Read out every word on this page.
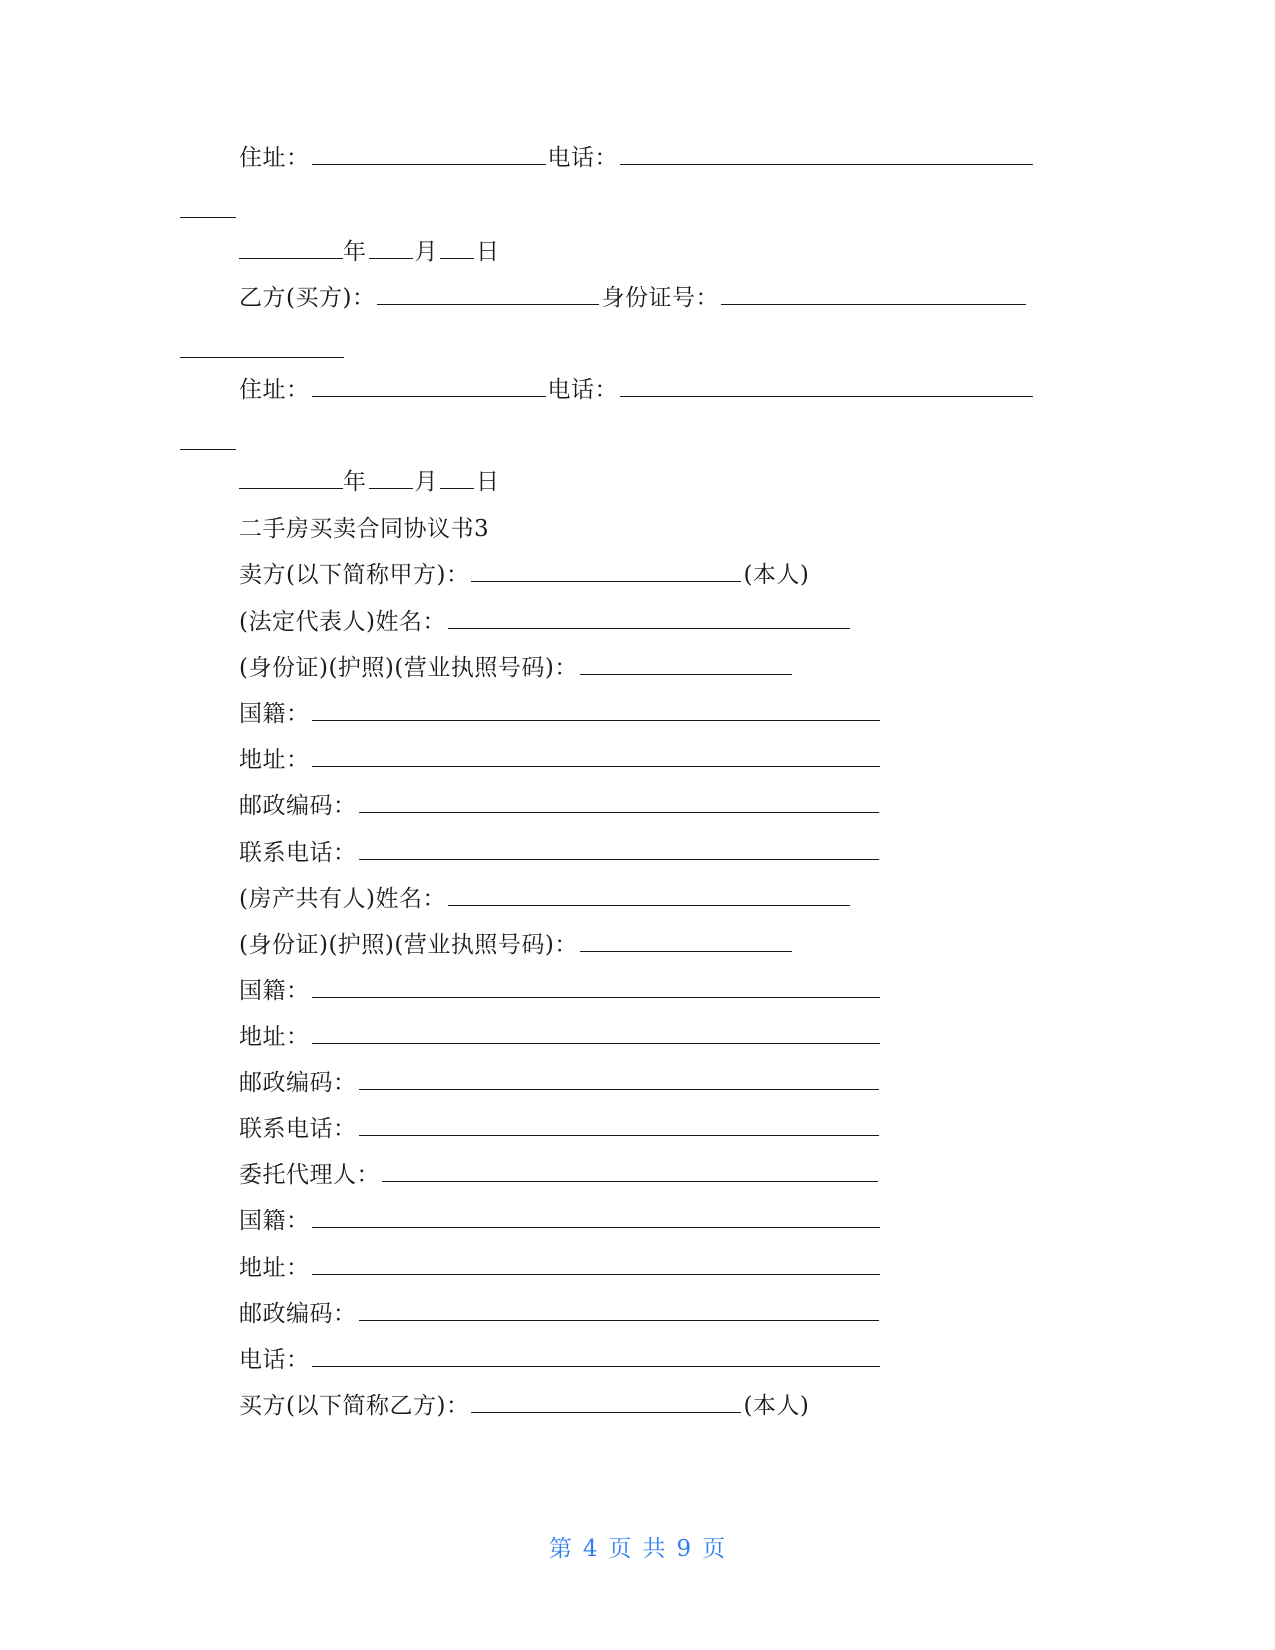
住址：	电话：
年 月 日
乙方(买方)：	身份证号：
住址：	电话：
年 月 日
二手房买卖合同协议书3
卖方(以下简称甲方)：	(本人)
(法定代表人)姓名：
(身份证)(护照)(营业执照号码)：
国籍：
地址：
邮政编码：
联系电话：
(房产共有人)姓名：
(身份证)(护照)(营业执照号码)：
国籍：
地址：
邮政编码：
联系电话：
委托代理人：
国籍：
地址：
邮政编码：
电话：
买方(以下简称乙方)：	(本人)
第 4 页 共 9 页
